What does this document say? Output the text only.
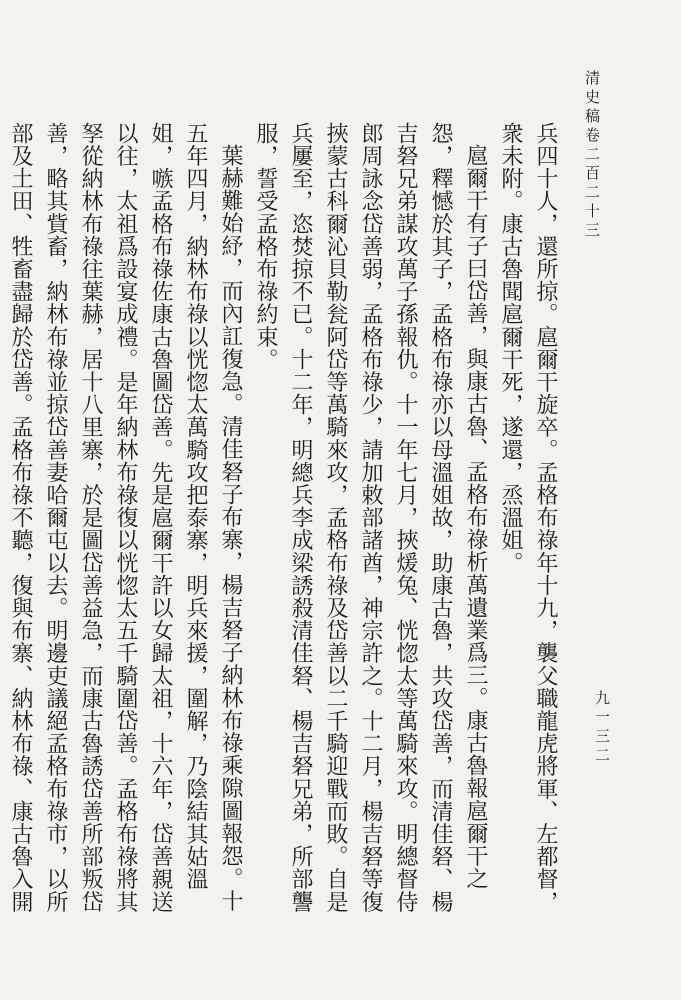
清史稿卷二百二十三
九一三二

兵四十人，還所掠。扈爾干旋卒。孟格布祿年十九，襲父職龍虎將軍、左都督，衆未附。康古魯聞扈爾干死，遂還，烝溫姐。

扈爾干有子曰岱善，與康古魯、孟格布祿析萬遺業爲三。康古魯報扈爾干之怨，釋憾於其子，孟格布祿亦以母溫姐故，助康古魯，共攻岱善，而清佳砮、楊吉砮兄弟謀攻萬子孫報仇。十一年七月，挾煖兔、恍惚太等萬騎來攻。明總督侍郎周詠念岱善弱，孟格布祿少，請加敕部諸酋，神宗許之。十二月，楊吉砮等復挾蒙古科爾沁貝勒瓮阿岱等萬騎來攻，孟格布祿及岱善以二千騎迎戰而敗。自是兵屢至，恣焚掠不已。十二年，明總兵李成梁誘殺清佳砮、楊吉砮兄弟，所部讋服，誓受孟格布祿約束。

葉赫難始紓，而內訌復急。清佳砮子布寨，楊吉砮子納林布祿乘隙圖報怨。十五年四月，納林布祿以恍惚太萬騎攻把泰寨，明兵來援，圍解，乃陰結其姑溫姐，嗾孟格布祿佐康古魯圖岱善。先是扈爾干許以女歸太祖，十六年，岱善親送以往，太祖爲設宴成禮。是年納林布祿復以恍惚太五千騎圍岱善。孟格布祿將其孥從納林布祿往葉赫，居十八里寨，於是圖岱善益急，而康古魯誘岱善所部叛岱善，略其貲畜，納林布祿並掠岱善妻哈爾屯以去。明邊吏議絕孟格布祿市，以所部及土田、牲畜盡歸於岱善。孟格布祿不聽，復與布寨、納林布祿、康古魯入開
